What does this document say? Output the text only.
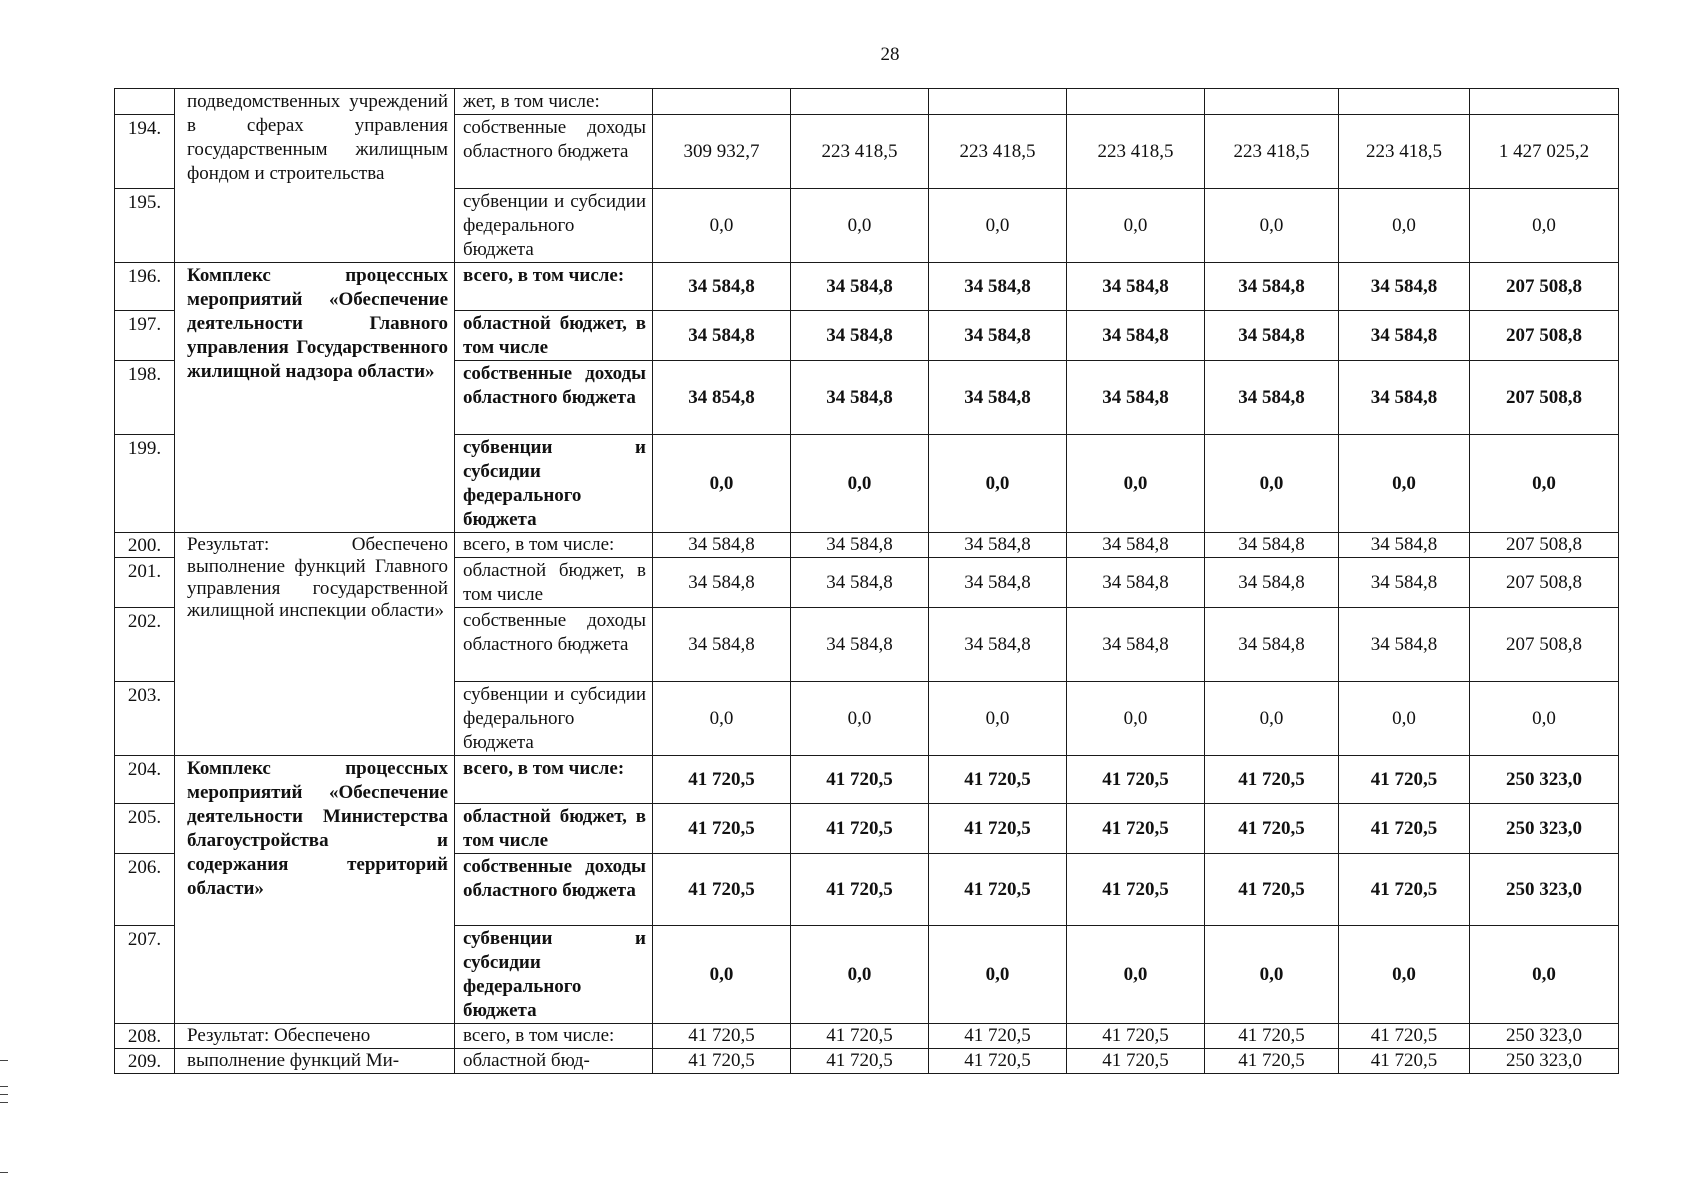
28
	подведомственных учреждений в сферах управления государственным жилищным фондом и строительства	жет, в том числе:							
194.		собственные доходы областного бюджета	309 932,7	223 418,5	223 418,5	223 418,5	223 418,5	223 418,5	1 427 025,2
195.		субвенции и субсидии федерального бюджета	0,0	0,0	0,0	0,0	0,0	0,0	0,0
196.	Комплекс процессных мероприятий «Обеспечение деятельности Главного управления Государственного жилищной надзора области»	всего, в том числе:	34 584,8	34 584,8	34 584,8	34 584,8	34 584,8	34 584,8	207 508,8
197.		областной бюджет, в том числе	34 584,8	34 584,8	34 584,8	34 584,8	34 584,8	34 584,8	207 508,8
198.		собственные доходы областного бюджета	34 854,8	34 584,8	34 584,8	34 584,8	34 584,8	34 584,8	207 508,8
199.		субвенции и субсидии федерального бюджета	0,0	0,0	0,0	0,0	0,0	0,0	0,0
200.	Результат: Обеспечено выполнение функций Главного управления государственной жилищной инспекции области»	всего, в том числе:	34 584,8	34 584,8	34 584,8	34 584,8	34 584,8	34 584,8	207 508,8
201.		областной бюджет, в том числе	34 584,8	34 584,8	34 584,8	34 584,8	34 584,8	34 584,8	207 508,8
202.		собственные доходы областного бюджета	34 584,8	34 584,8	34 584,8	34 584,8	34 584,8	34 584,8	207 508,8
203.		субвенции и субсидии федерального бюджета	0,0	0,0	0,0	0,0	0,0	0,0	0,0
204.	Комплекс процессных мероприятий «Обеспечение деятельности Министерства благоустройства и содержания территорий области»	всего, в том числе:	41 720,5	41 720,5	41 720,5	41 720,5	41 720,5	41 720,5	250 323,0
205.		областной бюджет, в том числе	41 720,5	41 720,5	41 720,5	41 720,5	41 720,5	41 720,5	250 323,0
206.		собственные доходы областного бюджета	41 720,5	41 720,5	41 720,5	41 720,5	41 720,5	41 720,5	250 323,0
207.		субвенции и субсидии федерального бюджета	0,0	0,0	0,0	0,0	0,0	0,0	0,0
208.	Результат: Обеспечено	всего, в том числе:	41 720,5	41 720,5	41 720,5	41 720,5	41 720,5	41 720,5	250 323,0
209.	выполнение функций Ми-	областной бюд-	41 720,5	41 720,5	41 720,5	41 720,5	41 720,5	41 720,5	250 323,0
